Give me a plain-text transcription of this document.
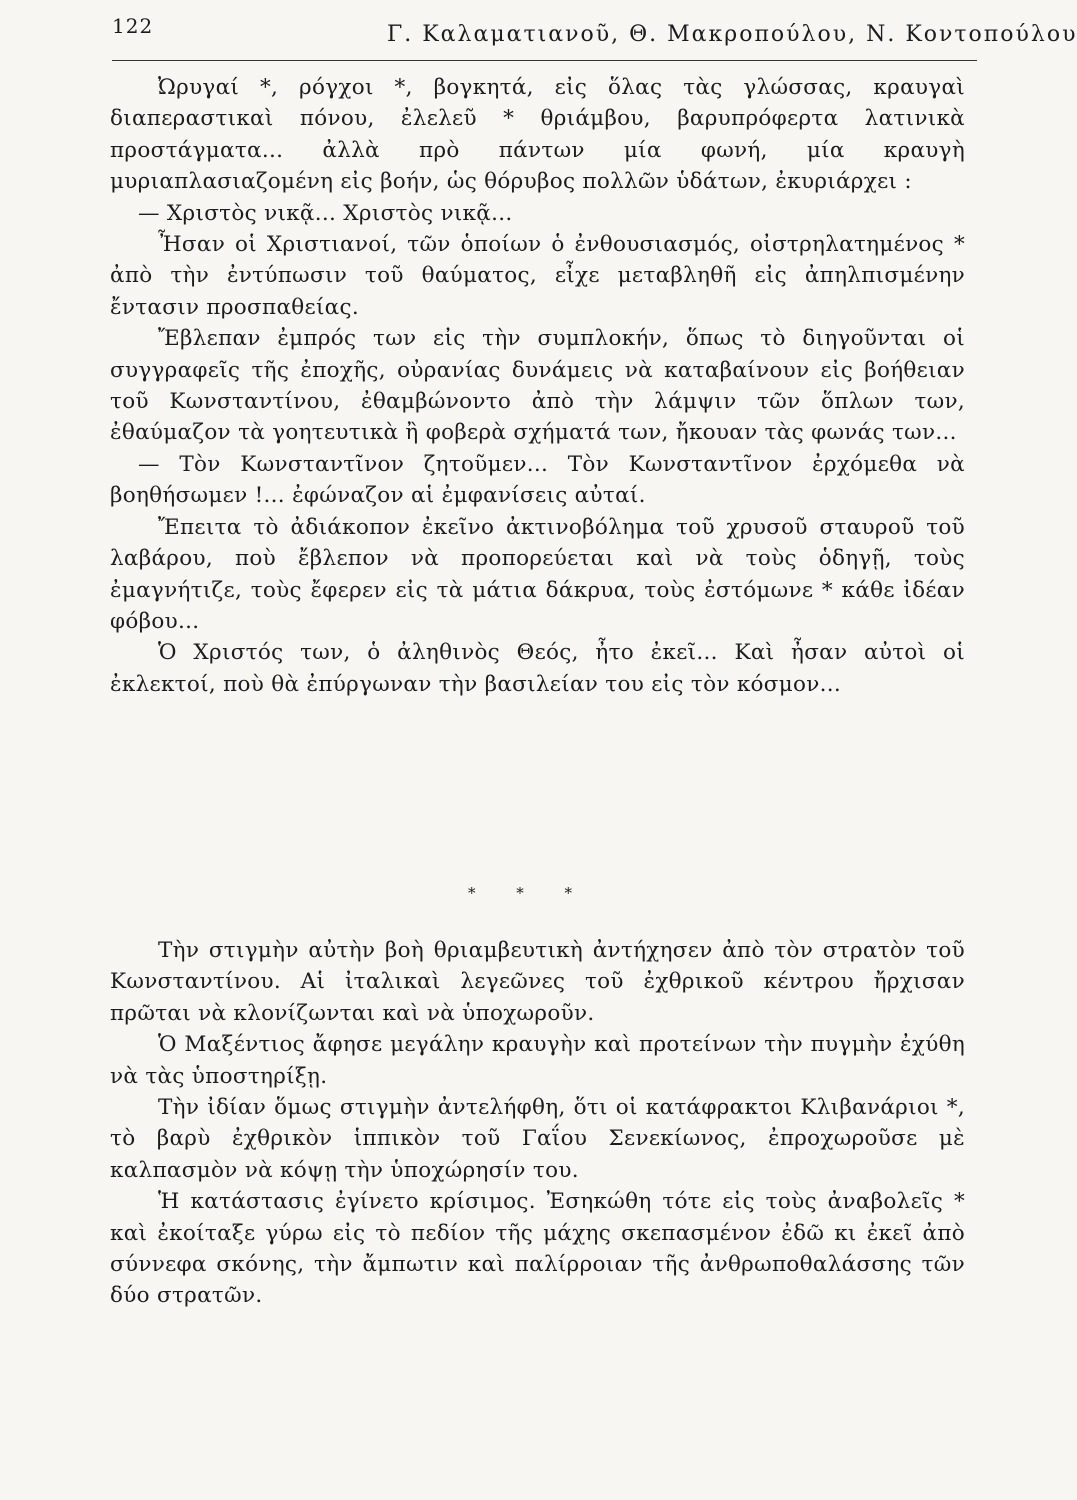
122	Γ. Καλαματιανοῦ, Θ. Μακροπούλου, Ν. Κοντοπούλου

Ὠρυγαί *, ρόγχοι *, βογκητά, εἰς ὅλας τὰς γλώσσας, κραυγαὶ διαπεραστικαὶ πόνου, ἐλελεῦ * θριάμβου, βαρυπρόφερτα λατινικὰ προστάγματα... ἀλλὰ πρὸ πάντων μία φωνή, μία κραυγὴ μυριαπλασιαζομένη εἰς βοήν, ὡς θόρυβος πολλῶν ὑδάτων, ἐκυριάρχει :

— Χριστὸς νικᾷ... Χριστὸς νικᾷ...

Ἦσαν οἱ Χριστιανοί, τῶν ὁποίων ὁ ἐνθουσιασμός, οἰστρηλατημένος * ἀπὸ τὴν ἐντύπωσιν τοῦ θαύματος, εἶχε μεταβληθῆ εἰς ἀπηλπισμένην ἔντασιν προσπαθείας.

Ἔβλεπαν ἐμπρός των εἰς τὴν συμπλοκήν, ὅπως τὸ διηγοῦνται οἱ συγγραφεῖς τῆς ἐποχῆς, οὐρανίας δυνάμεις νὰ καταβαίνουν εἰς βοήθειαν τοῦ Κωνσταντίνου, ἐθαμβώνοντο ἀπὸ τὴν λάμψιν τῶν ὅπλων των, ἐθαύμαζον τὰ γοητευτικὰ ἢ φοβερὰ σχήματά των, ἤκουαν τὰς φωνάς των...

— Τὸν Κωνσταντῖνον ζητοῦμεν... Τὸν Κωνσταντῖνον ἐρχόμεθα νὰ βοηθήσωμεν !... ἐφώναζον αἱ ἐμφανίσεις αὐταί.

Ἔπειτα τὸ ἀδιάκοπον ἐκεῖνο ἀκτινοβόλημα τοῦ χρυσοῦ σταυροῦ τοῦ λαβάρου, ποὺ ἔβλεπον νὰ προπορεύεται καὶ νὰ τοὺς ὁδηγῇ, τοὺς ἐμαγνήτιζε, τοὺς ἔφερεν εἰς τὰ μάτια δάκρυα, τοὺς ἐστόμωνε * κάθε ἰδέαν φόβου...

Ὁ Χριστός των, ὁ ἀληθινὸς Θεός, ἦτο ἐκεῖ... Καὶ ἦσαν αὐτοὶ οἱ ἐκλεκτοί, ποὺ θὰ ἐπύργωναν τὴν βασιλείαν του εἰς τὸν κόσμον...

* * *

Τὴν στιγμὴν αὐτὴν βοὴ θριαμβευτικὴ ἀντήχησεν ἀπὸ τὸν στρατὸν τοῦ Κωνσταντίνου. Αἱ ἰταλικαὶ λεγεῶνες τοῦ ἐχθρικοῦ κέντρου ἤρχισαν πρῶται νὰ κλονίζωνται καὶ νὰ ὑποχωροῦν.

Ὁ Μαξέντιος ἄφησε μεγάλην κραυγὴν καὶ προτείνων τὴν πυγμὴν ἐχύθη νὰ τὰς ὑποστηρίξῃ.

Τὴν ἰδίαν ὅμως στιγμὴν ἀντελήφθη, ὅτι οἱ κατάφρακτοι Κλιβανάριοι *, τὸ βαρὺ ἐχθρικὸν ἱππικὸν τοῦ Γαΐου Σενεκίωνος, ἐπροχωροῦσε μὲ καλπασμὸν νὰ κόψῃ τὴν ὑποχώρησίν του.

Ἡ κατάστασις ἐγίνετο κρίσιμος. Ἐσηκώθη τότε εἰς τοὺς ἀναβολεῖς * καὶ ἐκοίταξε γύρω εἰς τὸ πεδίον τῆς μάχης σκεπασμένον ἐδῶ κι ἐκεῖ ἀπὸ σύννεφα σκόνης, τὴν ἄμπωτιν καὶ παλίρροιαν τῆς ἀνθρωποθαλάσσης τῶν δύο στρατῶν.
